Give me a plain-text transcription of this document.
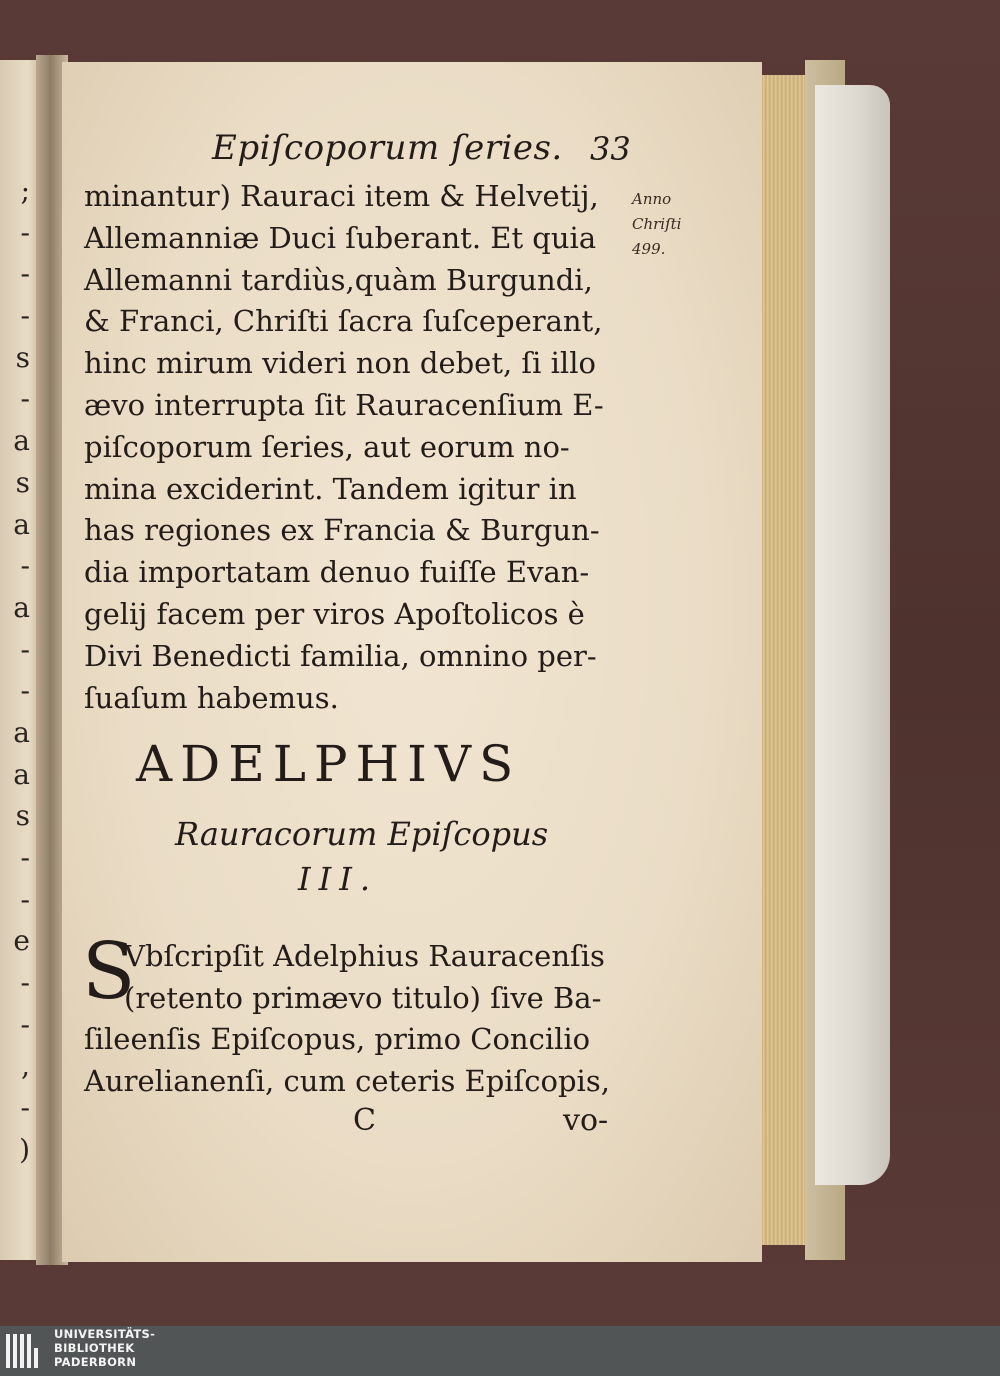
;
-
-
-
s
-
a
s
a
-
a
-
-
a
a
s
-
-
e
-
-
,
-
)
Epiſcoporum ſeries. 33
minantur) Rauraci item & Helvetij,
Allemanniæ Duci ſuberant. Et quia
Allemanni tardiùs,quàm Burgundi,
& Franci, Chriſti ſacra ſuſceperant,
hinc mirum videri non debet, ſi illo
ævo interrupta ſit Rauracenſium E-
piſcoporum ſeries, aut eorum no-
mina exciderint. Tandem igitur in
has regiones ex Francia & Burgun-
dia importatam denuo fuiſſe Evan-
gelij facem per viros Apoſtolicos è
Divi Benedicti familia, omnino per-
ſuaſum habemus.
Anno
Chriſti
499.
ADELPHIVS
Rauracorum Epiſcopus
III.
S
Vbſcripſit Adelphius Rauracenſis
(retento primævo titulo) ſive Ba-
ſileenſis Epiſcopus, primo Concilio
Aurelianenſi, cum ceteris Epiſcopis,
C	vo-
UNIVERSITÄTS-
BIBLIOTHEK
PADERBORN
